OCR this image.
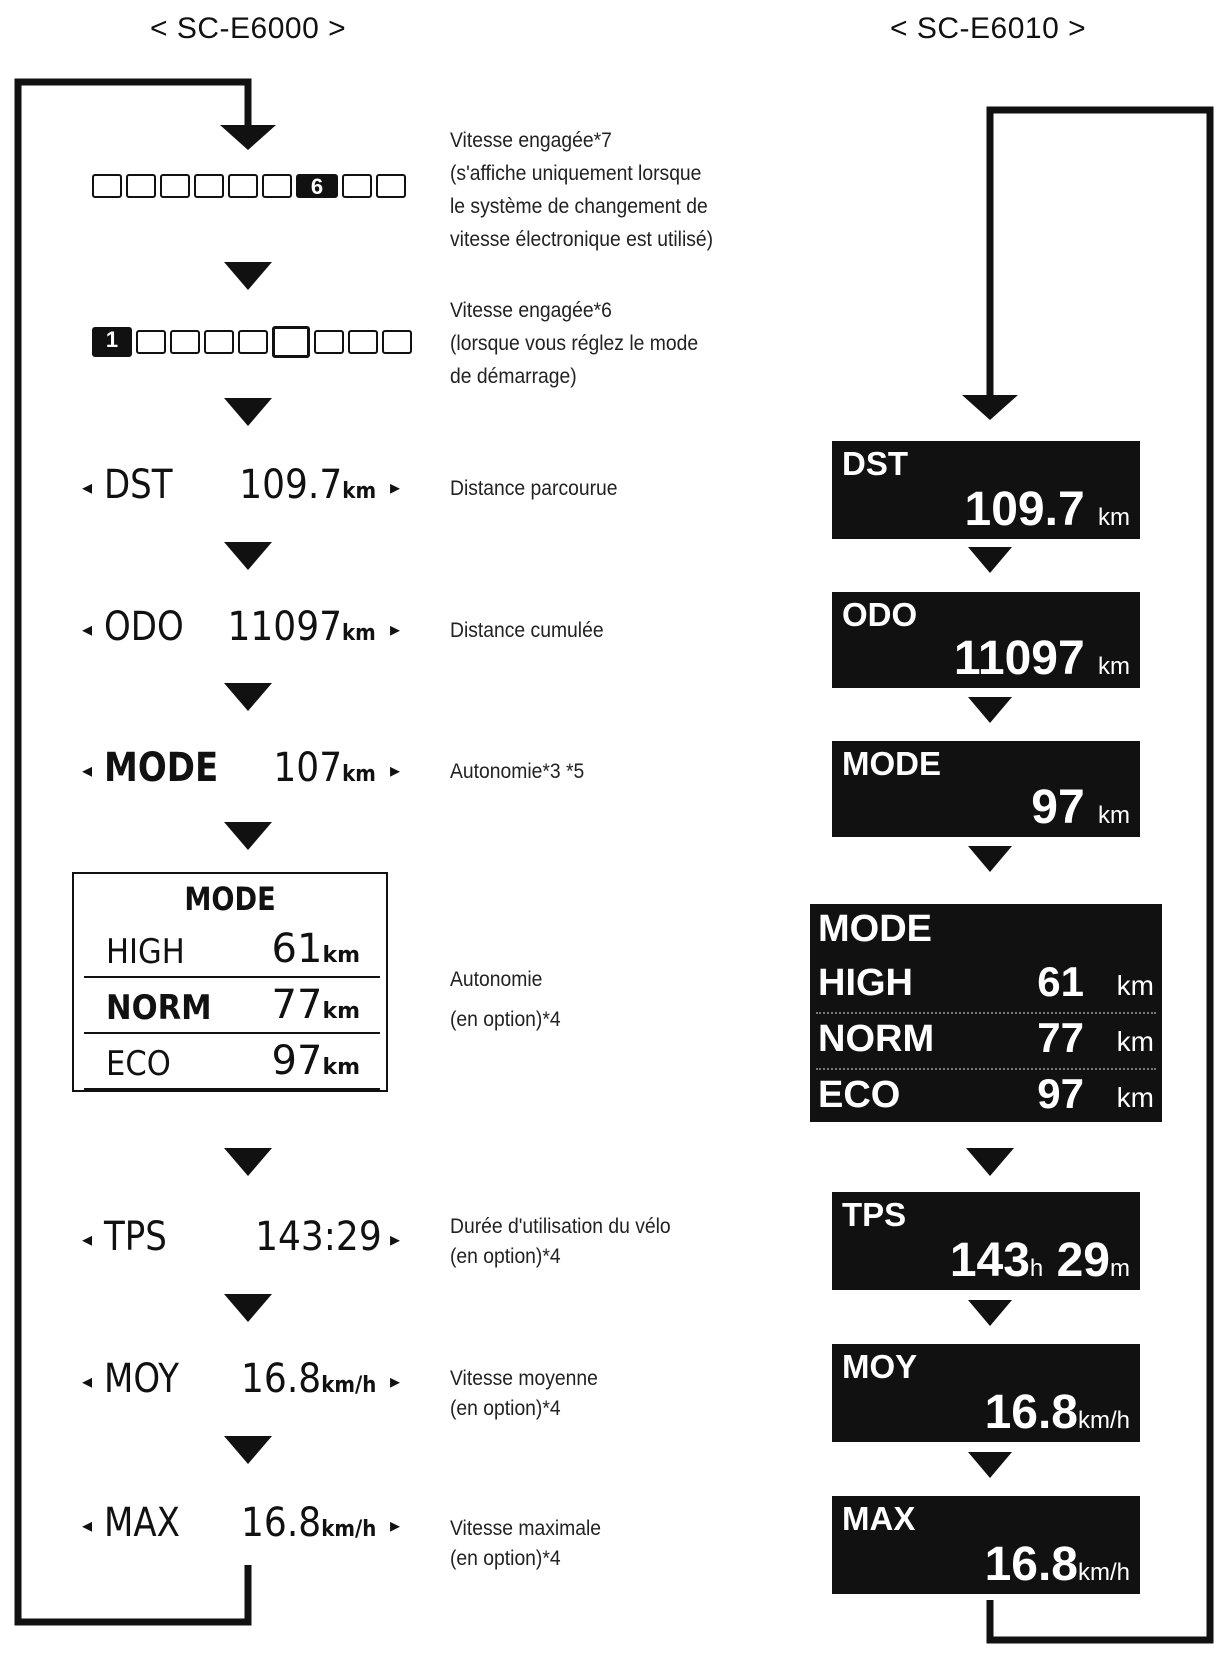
< SC-E6000 >	< SC-E6010 >
6
1
◂ DST 109.7km ▸
◂ ODO 11097km ▸
◂ MODE 107km ▸
MODE
HIGH 61km
NORM 77km
ECO	97km
◂ TPS 143:29 ▸
◂ MOY 16.8km/h ▸
◂ MAX 16.8km/h ▸
Vitesse engagée*7
(s'affiche uniquement lorsque
le système de changement de
vitesse électronique est utilisé)
Vitesse engagée*6
(lorsque vous réglez le mode
de démarrage)
Distance parcourue
Distance cumulée
Autonomie*3 *5
Autonomie
(en option)*4
Durée d'utilisation du vélo
(en option)*4
Vitesse moyenne
(en option)*4
Vitesse maximale
(en option)*4
DST
109.7 km
ODO
11097 km
MODE
97 km
MODE
HIGH	61 km
NORM 77 km
ECO	97 km
TPS
143h 29m
MOY
16.8km/h
MAX
16.8km/h
